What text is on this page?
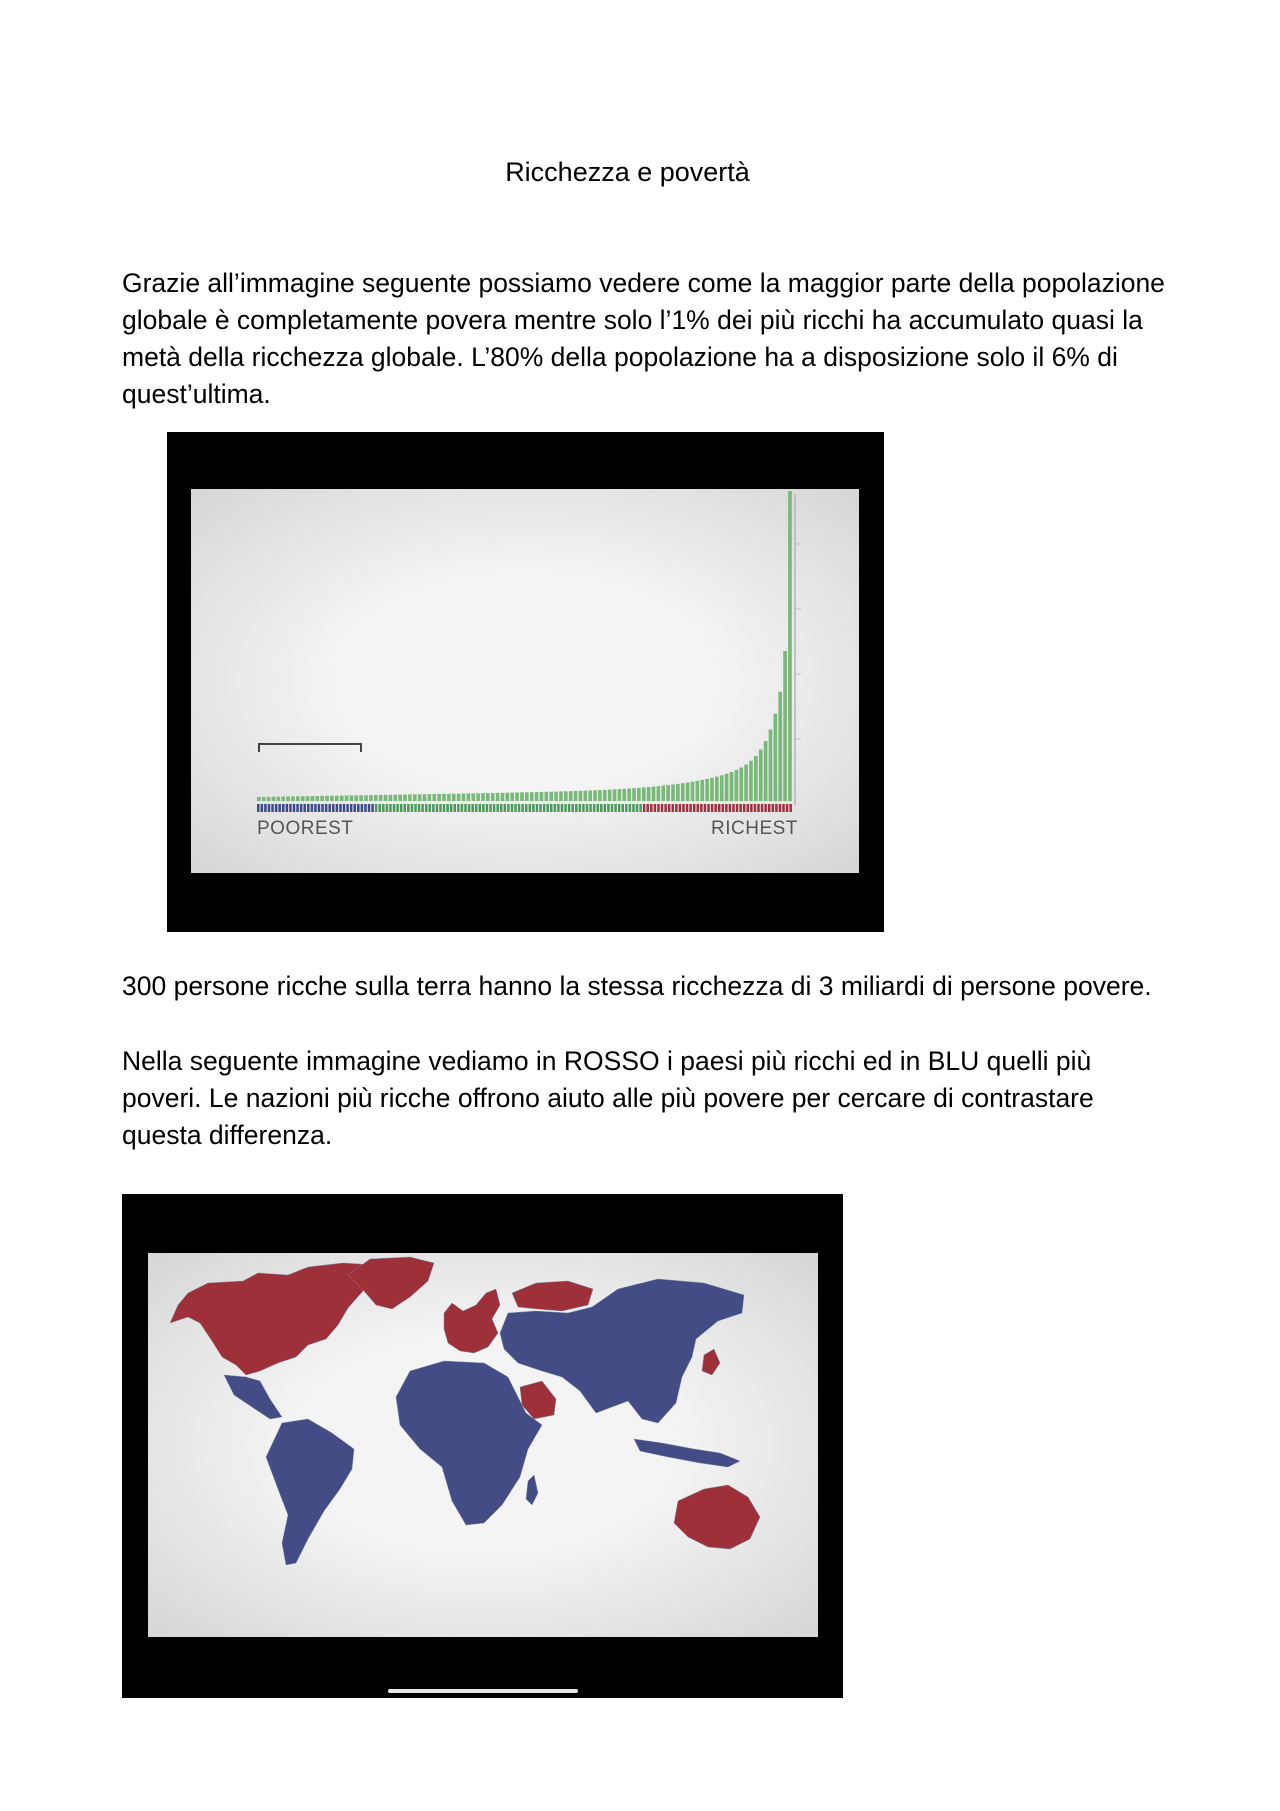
Ricchezza e povertà
Grazie all’immagine seguente possiamo vedere come la maggior parte della popolazione globale è completamente povera mentre solo l’1% dei più ricchi ha accumulato quasi la metà della ricchezza globale. L’80% della popolazione ha a disposizione solo il 6% di quest’ultima.
POOREST	RICHEST
300 persone ricche sulla terra hanno la stessa ricchezza di 3 miliardi di persone povere.
Nella seguente immagine vediamo in ROSSO i paesi più ricchi ed in BLU quelli più poveri. Le nazioni più ricche offrono aiuto alle più povere per cercare di contrastare questa differenza.
